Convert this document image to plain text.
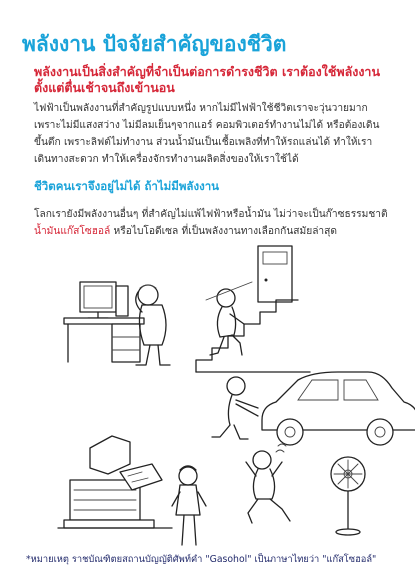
พลังงาน ปัจจัยสำคัญของชีวิต
พลังงานเป็นสิ่งสำคัญที่จำเป็นต่อการดำรงชีวิต เราต้องใช้พลังงานตั้งแต่ตื่นเช้าจนถึงเข้านอน
ไฟฟ้าเป็นพลังงานที่สำคัญรูปแบบหนึ่ง หากไม่มีไฟฟ้าใช้ชีวิตเราจะวุ่นวายมาก เพราะไม่มีแสงสว่าง ไม่มีลมเย็นๆจากแอร์ คอมพิวเตอร์ทำงานไม่ได้ หรือต้องเดินขึ้นตึก เพราะลิฟต์ไม่ทำงาน ส่วนน้ำมันเป็นเชื้อเพลิงที่ทำให้รถแล่นได้ ทำให้เราเดินทางสะดวก ทำให้เครื่องจักรทำงานผลิตสิ่งของให้เราใช้ได้
ชีวิตคนเราจึงอยู่ไม่ได้ ถ้าไม่มีพลังงาน
โลกเรายังมีพลังงานอื่นๆ ที่สำคัญไม่แพ้ไฟฟ้าหรือน้ำมัน ไม่ว่าจะเป็นก๊าซธรรมชาติ
น้ำมันแก๊สโซฮอล์ หรือไบโอดีเซล ที่เป็นพลังงานทางเลือกกันสมัยล่าสุด
*หมายเหตุ ราชบัณฑิตยสถานบัญญัติศัพท์คำ "Gasohol" เป็นภาษาไทยว่า "แก๊สโซฮอล์"
